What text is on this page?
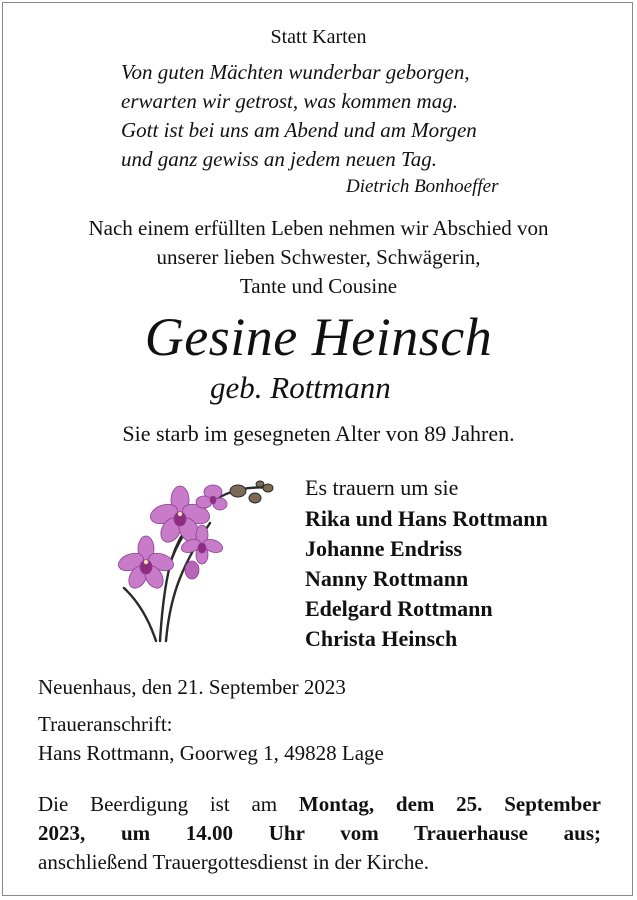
Statt Karten
Von guten Mächten wunderbar geborgen,
erwarten wir getrost, was kommen mag.
Gott ist bei uns am Abend und am Morgen
und ganz gewiss an jedem neuen Tag.
Dietrich Bonhoeffer
Nach einem erfüllten Leben nehmen wir Abschied von
unserer lieben Schwester, Schwägerin,
Tante und Cousine
Gesine Heinsch
geb. Rottmann
Sie starb im gesegneten Alter von 89 Jahren.
Es trauern um sie
Rika und Hans Rottmann
Johanne Endriss
Nanny Rottmann
Edelgard Rottmann
Christa Heinsch
Neuenhaus, den 21. September 2023
Traueranschrift:
Hans Rottmann, Goorweg 1, 49828 Lage
Die Beerdigung ist am Montag, dem 25. September
2023, um 14.00 Uhr vom Trauerhause aus;
anschließend Trauergottesdienst in der Kirche.
